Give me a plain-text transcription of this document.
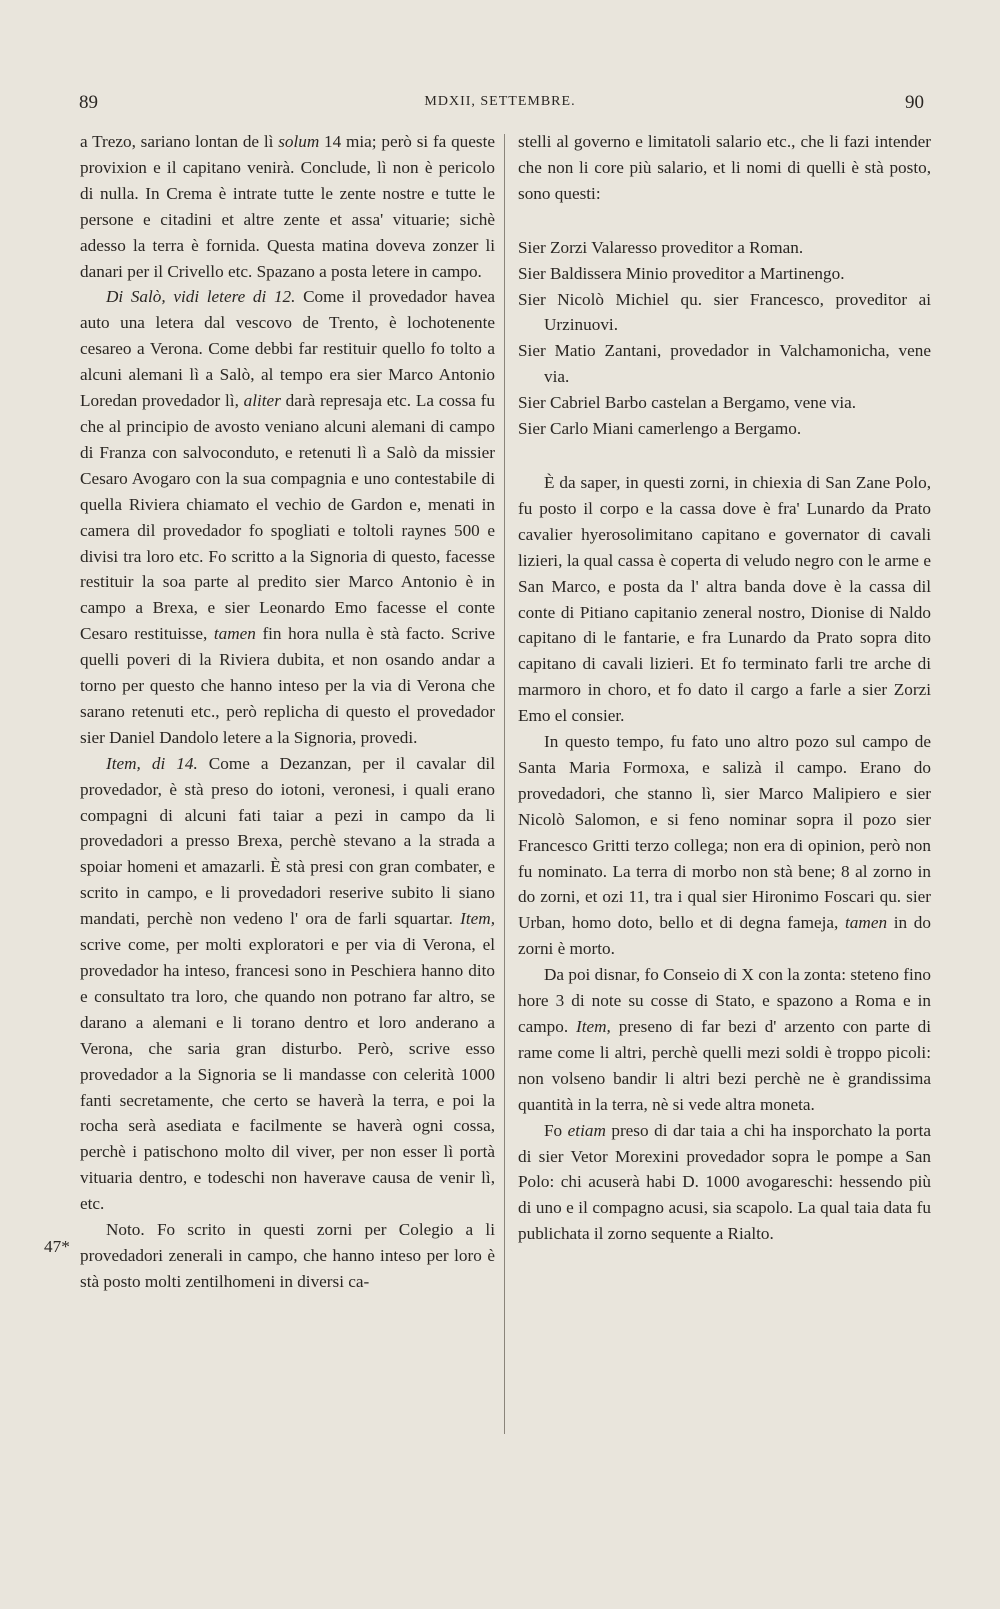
89	MDXII, SETTEMBRE.	90
47*

a Trezo, sariano lontan de lì solum 14 mia; però si fa queste provixion e il capitano venirà. Conclude, lì non è pericolo di nulla. In Crema è intrate tutte le zente nostre e tutte le persone e citadini et altre zente et assa' vituarie; sichè adesso la terra è fornida. Questa matina doveva zonzer li danari per il Crivello etc. Spazano a posta letere in campo.

Di Salò, vidi letere di 12. Come il provedador havea auto una letera dal vescovo de Trento, è lochotenente cesareo a Verona. Come debbi far restituir quello fo tolto a alcuni alemani lì a Salò, al tempo era sier Marco Antonio Loredan provedador lì, aliter darà represaja etc. La cossa fu che al principio de avosto veniano alcuni alemani di campo di Franza con salvoconduto, e retenuti lì a Salò da missier Cesaro Avogaro con la sua compagnia e uno contestabile di quella Riviera chiamato el vechio de Gardon e, menati in camera dil provedador fo spogliati e toltoli raynes 500 e divisi tra loro etc. Fo scritto a la Signoria di questo, facesse restituir la soa parte al predito sier Marco Antonio è in campo a Brexa, e sier Leonardo Emo facesse el conte Cesaro restituisse, tamen fin hora nulla è stà facto. Scrive quelli poveri di la Riviera dubita, et non osando andar a torno per questo che hanno inteso per la via di Verona che sarano retenuti etc., però replicha di questo el provedador sier Daniel Dandolo letere a la Signoria, provedi.

Item, di 14. Come a Dezanzan, per il cavalar dil provedador, è stà preso do iotoni, veronesi, i quali erano compagni di alcuni fati taiar a pezi in campo da li provedadori a presso Brexa, perchè stevano a la strada a spoiar homeni et amazarli. È stà presi con gran combater, e scrito in campo, e li provedadori reserive subito li siano mandati, perchè non vedeno l' ora de farli squartar. Item, scrive come, per molti exploratori e per via di Verona, el provedador ha inteso, francesi sono in Peschiera hanno dito e consultato tra loro, che quando non potrano far altro, se darano a alemani e li torano dentro et loro anderano a Verona, che saria gran disturbo. Però, scrive esso provedador a la Signoria se li mandasse con celerità 1000 fanti secretamente, che certo se haverà la terra, e poi la rocha serà asediata e facilmente se haverà ogni cossa, perchè i patischono molto dil viver, per non esser lì portà vituaria dentro, e todeschi non haverave causa de venir lì, etc.

Noto. Fo scrito in questi zorni per Colegio a li provedadori zenerali in campo, che hanno inteso per loro è stà posto molti zentilhomeni in diversi ca-

stelli al governo e limitatoli salario etc., che li fazi intender che non li core più salario, et li nomi di quelli è stà posto, sono questi:

Sier Zorzi Valaresso proveditor a Roman.

Sier Baldissera Minio proveditor a Martinengo.

Sier Nicolò Michiel qu. sier Francesco, proveditor ai Urzinuovi.

Sier Matio Zantani, provedador in Valchamonicha, vene via.

Sier Cabriel Barbo castelan a Bergamo, vene via.

Sier Carlo Miani camerlengo a Bergamo.

È da saper, in questi zorni, in chiexia di San Zane Polo, fu posto il corpo e la cassa dove è fra' Lunardo da Prato cavalier hyerosolimitano capitano e governator di cavali lizieri, la qual cassa è coperta di veludo negro con le arme e San Marco, e posta da l' altra banda dove è la cassa dil conte di Pitiano capitanio zeneral nostro, Dionise di Naldo capitano di le fantarie, e fra Lunardo da Prato sopra dito capitano di cavali lizieri. Et fo terminato farli tre arche di marmoro in choro, et fo dato il cargo a farle a sier Zorzi Emo el consier.

In questo tempo, fu fato uno altro pozo sul campo de Santa Maria Formoxa, e salizà il campo. Erano do provedadori, che stanno lì, sier Marco Malipiero e sier Nicolò Salomon, e si feno nominar sopra il pozo sier Francesco Gritti terzo collega; non era di opinion, però non fu nominato. La terra di morbo non stà bene; 8 al zorno in do zorni, et ozi 11, tra i qual sier Hironimo Foscari qu. sier Urban, homo doto, bello et di degna fameja, tamen in do zorni è morto.

Da poi disnar, fo Conseio di X con la zonta: steteno fino hore 3 di note su cosse di Stato, e spazono a Roma e in campo. Item, preseno di far bezi d' arzento con parte di rame come li altri, perchè quelli mezi soldi è troppo picoli: non volseno bandir li altri bezi perchè ne è grandissima quantità in la terra, nè si vede altra moneta.

Fo etiam preso di dar taia a chi ha insporchato la porta di sier Vetor Morexini provedador sopra le pompe a San Polo: chi acuserà habi D. 1000 avogareschi: hessendo più di uno e il compagno acusi, sia scapolo. La qual taia data fu publichata il zorno sequente a Rialto.
